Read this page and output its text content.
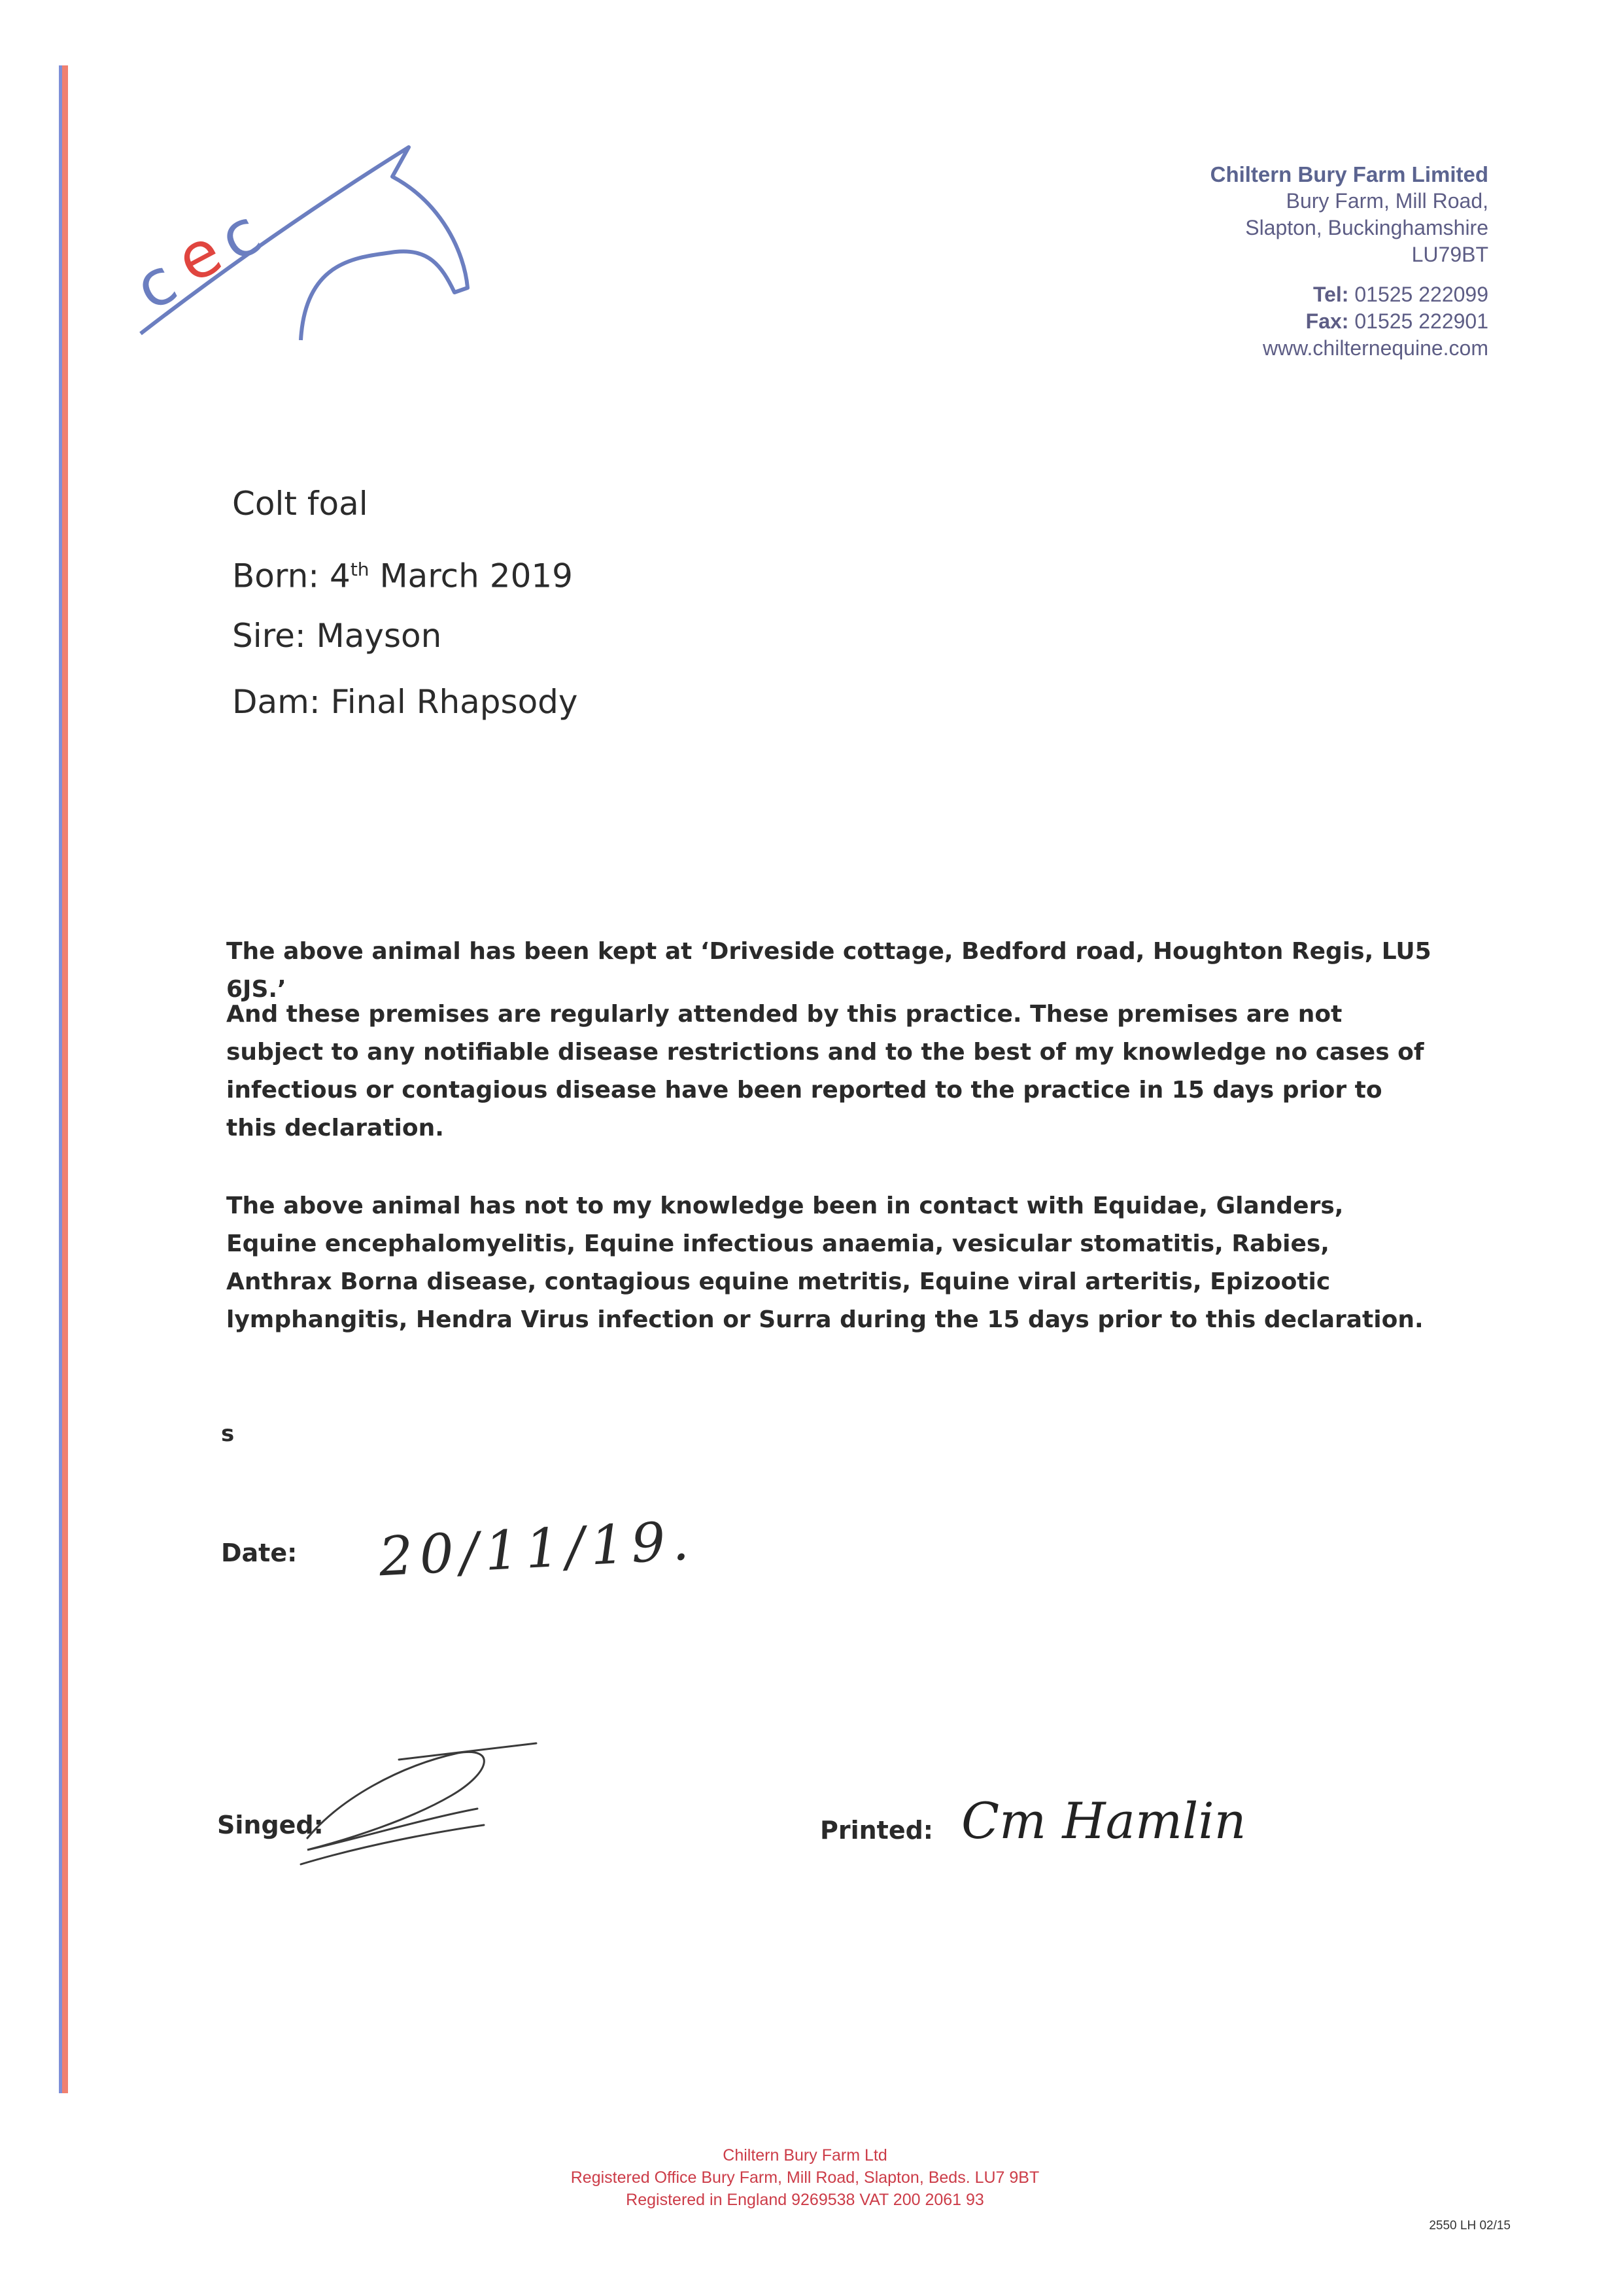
c
e
c
Chiltern Bury Farm Limited
Bury Farm, Mill Road,
Slapton, Buckinghamshire
LU79BT
Tel: 01525 222099
Fax: 01525 222901
www.chilternequine.com
Colt foal
Born: 4th March 2019
Sire: Mayson
Dam: Final Rhapsody
The above animal has been kept at ‘Driveside cottage, Bedford road, Houghton Regis, LU5 6JS.’
And these premises are regularly attended by this practice. These premises are not subject to any notifiable disease restrictions and to the best of my knowledge no cases of infectious or contagious disease have been reported to the practice in 15 days prior to this declaration.
The above animal has not to my knowledge been in contact with Equidae, Glanders, Equine encephalomyelitis, Equine infectious anaemia, vesicular stomatitis, Rabies, Anthrax Borna disease, contagious equine metritis, Equine viral arteritis, Epizootic lymphangitis, Hendra Virus infection or Surra during the 15 days prior to this declaration.
s
Date: 20/11/19.
Singed:	Printed: Cm Hamlin
Chiltern Bury Farm Ltd
Registered Office Bury Farm, Mill Road, Slapton, Beds. LU7 9BT
Registered in England 9269538 VAT 200 2061 93
2550 LH 02/15
